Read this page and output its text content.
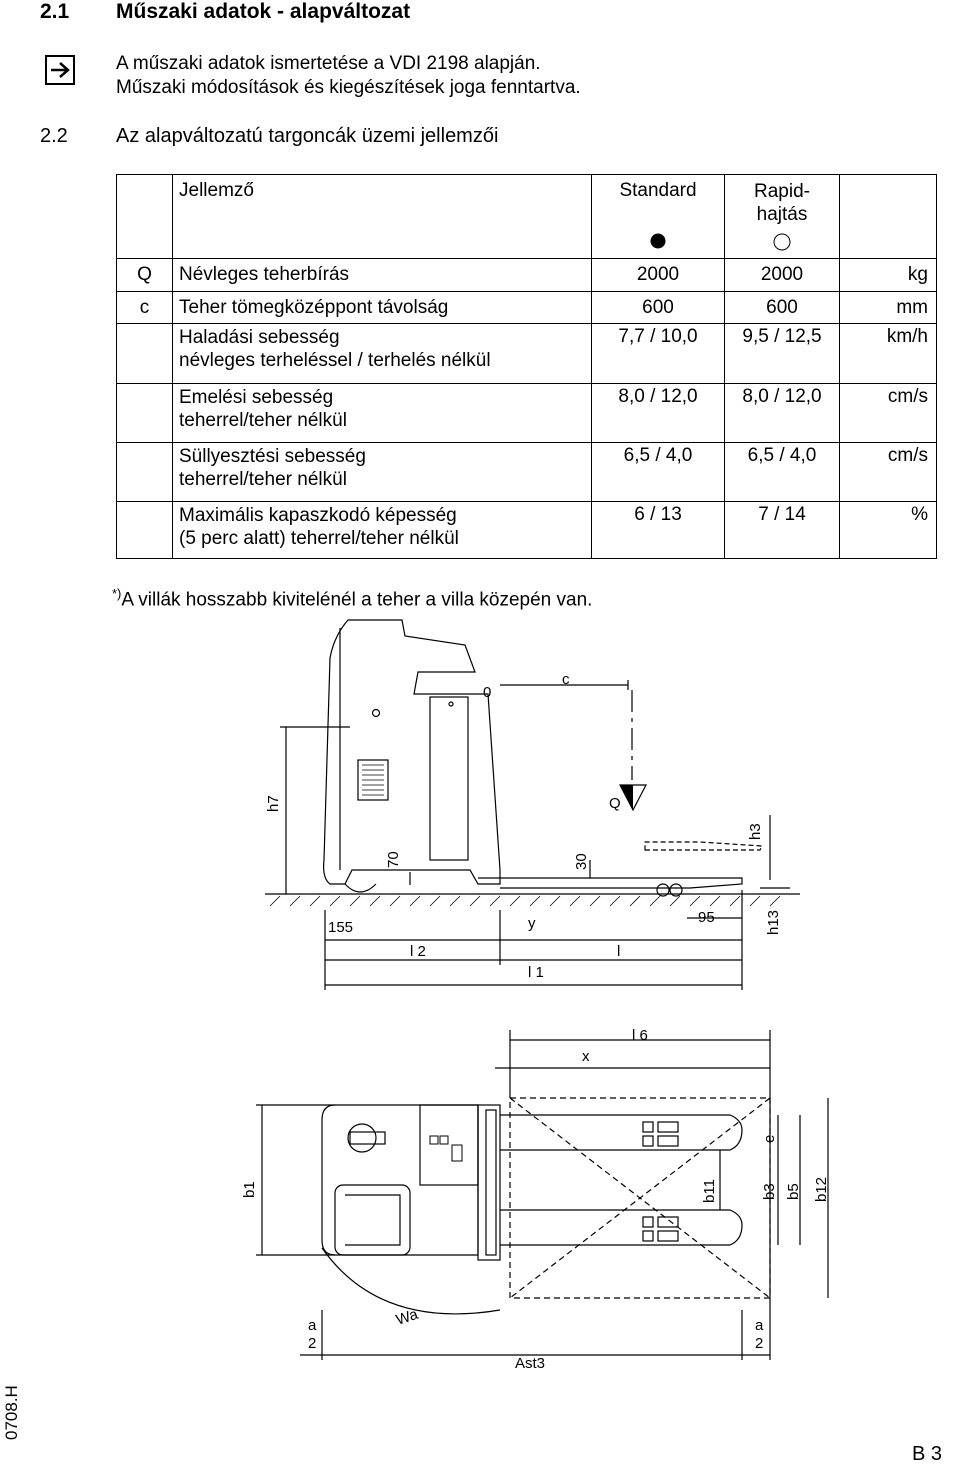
2.1 Műszaki adatok - alapváltozat
A műszaki adatok ismertetése a VDI 2198 alapján.
Műszaki módosítások és kiegészítések joga fenntartva.
2.2 Az alapváltozatú targoncák üzemi jellemzői
	Jellemző	Standard	Rapid-
hajtás	

Q	Névleges teherbírás	2000	2000	kg
c	Teher tömegközéppont távolság	600	600	mm

	Haladási sebesség
névleges terheléssel / terhelés nélkül	7,7 / 10,0	9,5 / 12,5	km/h

	Emelési sebesség
teherrel/teher nélkül	8,0 / 12,0	8,0 / 12,0	cm/s

	Süllyesztési sebesség
teherrel/teher nélkül	6,5 / 4,0	6,5 / 4,0	cm/s

	Maximális kapaszkodó képesség
(5 perc alatt) teherrel/teher nélkül	6 / 13	7 / 14	%
*)A villák hosszabb kivitelénél a teher a villa közepén van.
c
0
Q
h7
h3
70	30
155	y	95	h13
l 2	l
l 1
l 6
x
e
b1	b11	b3 b5 b12
a
2
a
2
Wa
Ast3
0708.H
B 3
